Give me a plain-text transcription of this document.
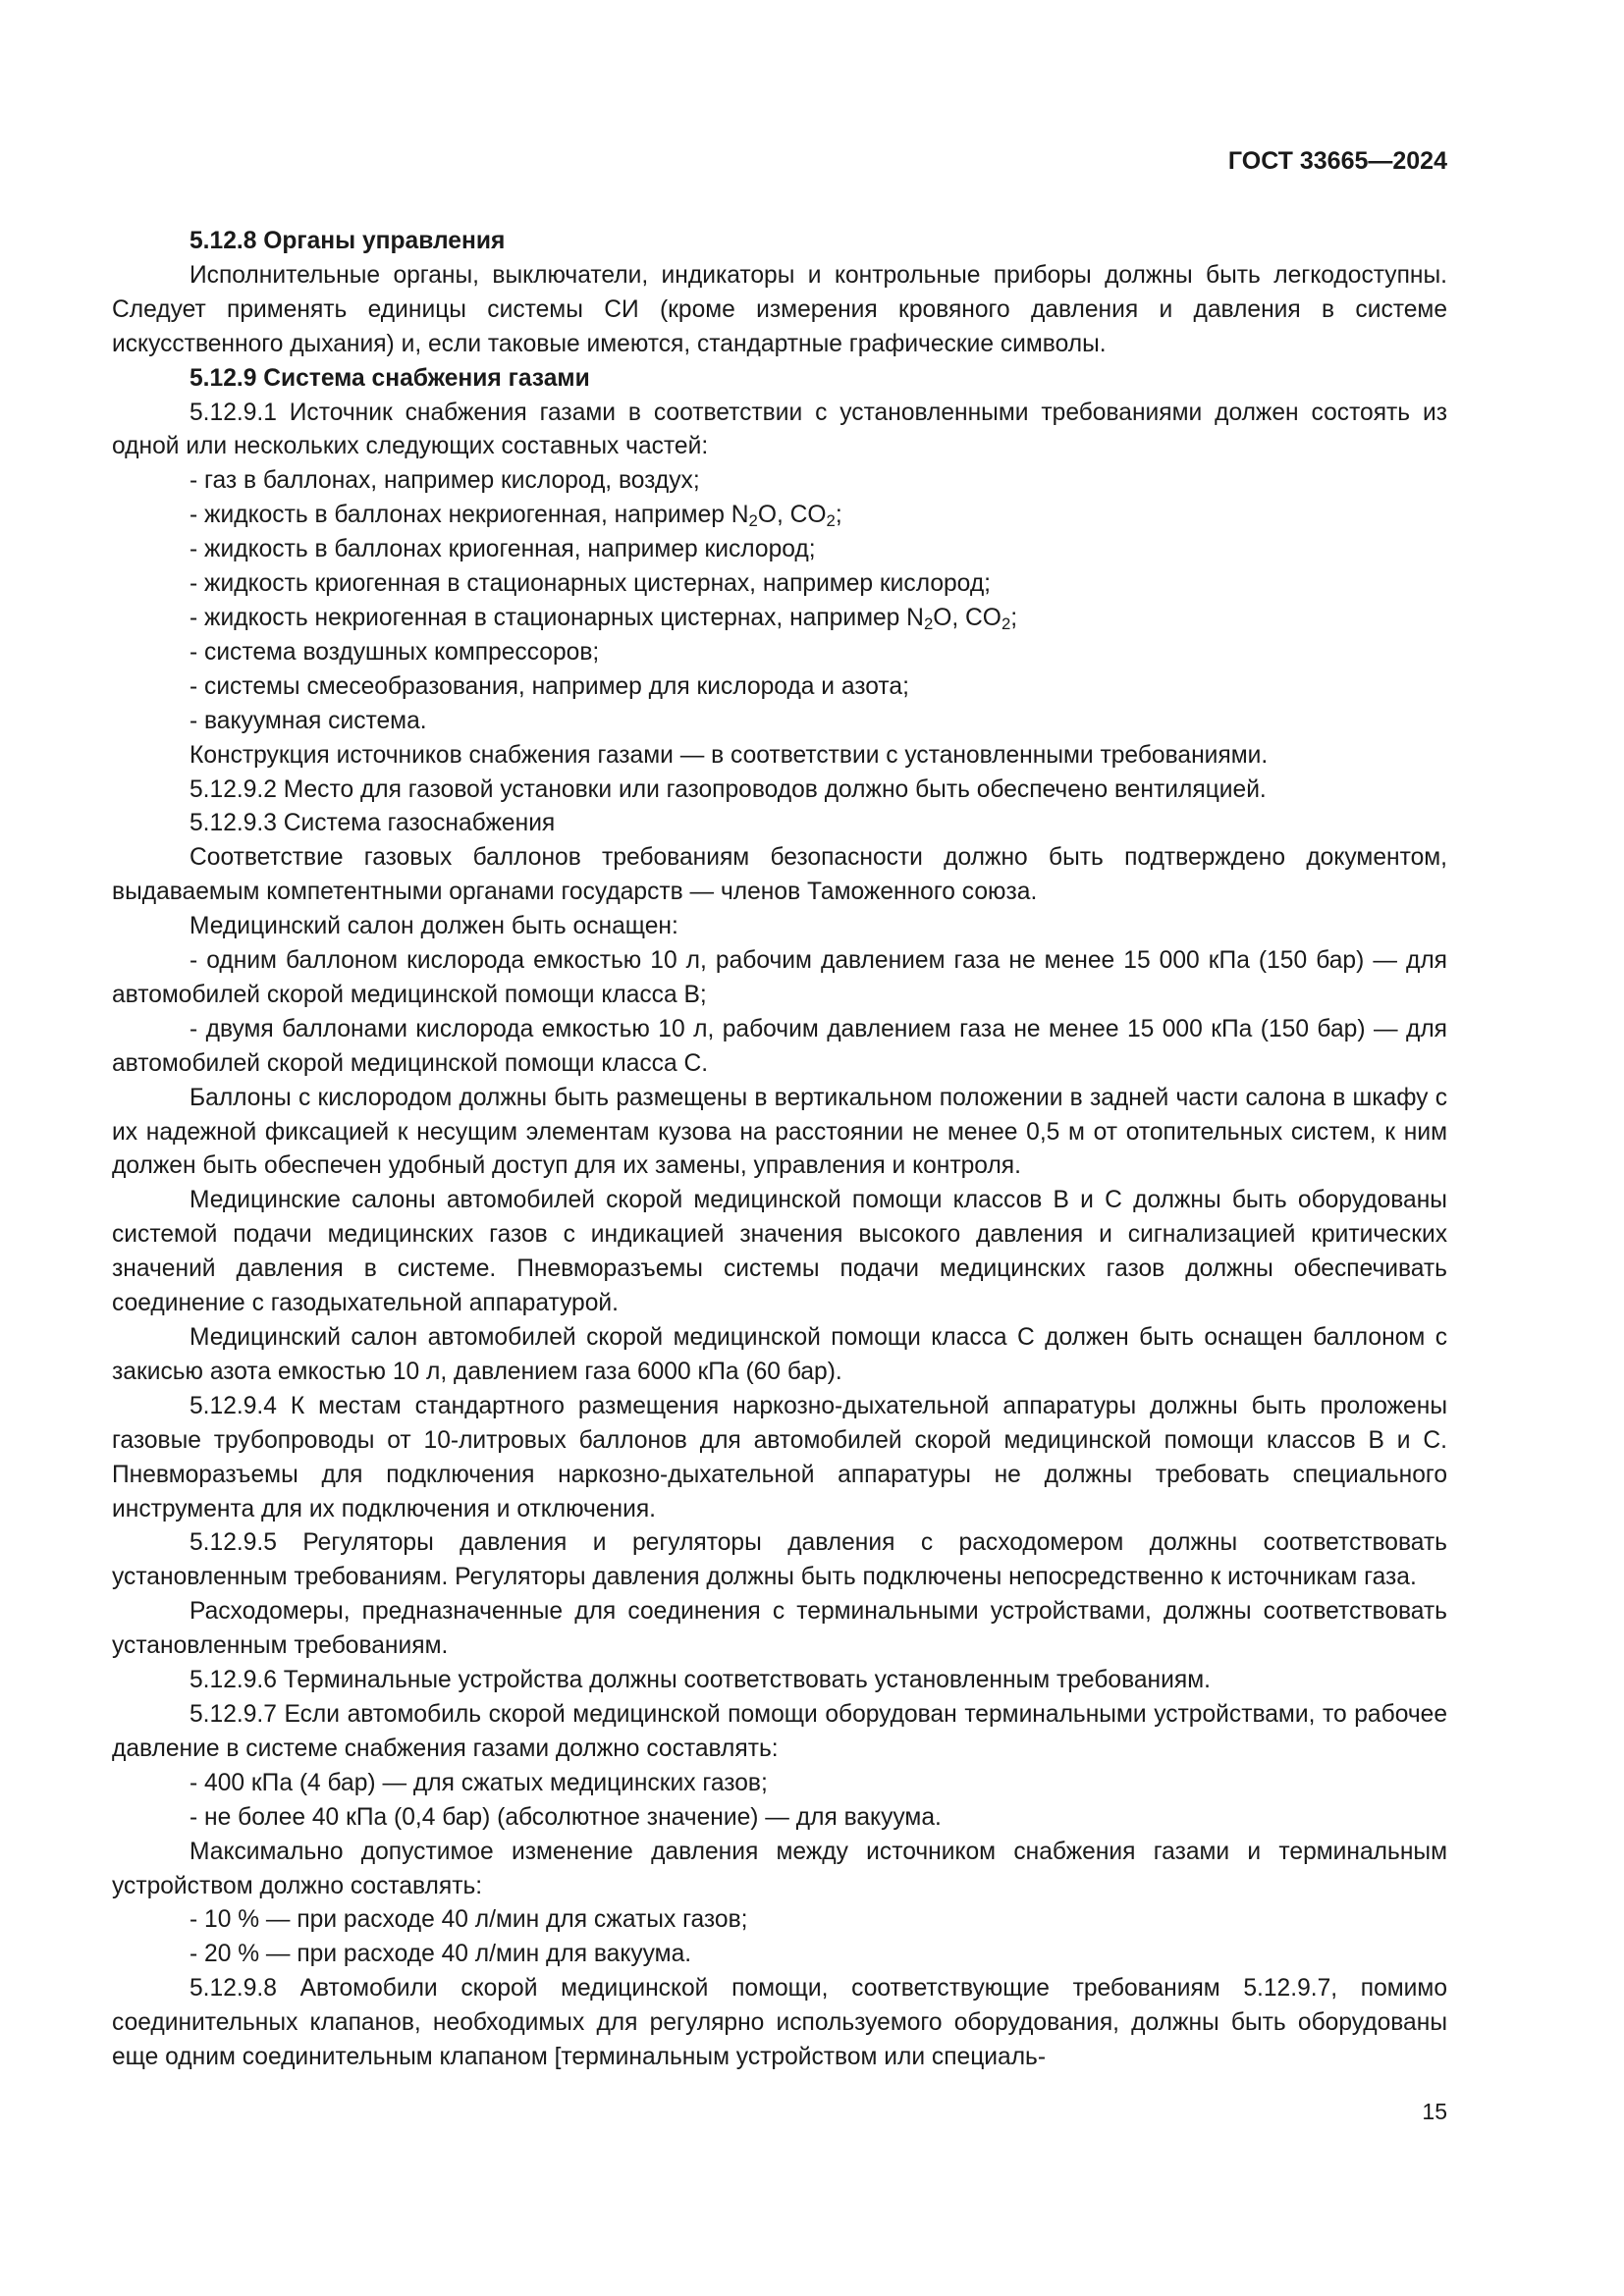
ГОСТ 33665—2024

5.12.8 Органы управления

Исполнительные органы, выключатели, индикаторы и контрольные приборы должны быть легкодоступны. Следует применять единицы системы СИ (кроме измерения кровяного давления и давления в системе искусственного дыхания) и, если таковые имеются, стандартные графические символы.

5.12.9 Система снабжения газами

5.12.9.1 Источник снабжения газами в соответствии с установленными требованиями должен состоять из одной или нескольких следующих составных частей:

- газ в баллонах, например кислород, воздух;

- жидкость в баллонах некриогенная, например $N_2O$, $CO_2$;

- жидкость в баллонах криогенная, например кислород;

- жидкость криогенная в стационарных цистернах, например кислород;

- жидкость некриогенная в стационарных цистернах, например $N_2O$, $CO_2$;

- система воздушных компрессоров;

- системы смесеобразования, например для кислорода и азота;

- вакуумная система.

Конструкция источников снабжения газами — в соответствии с установленными требованиями.

5.12.9.2 Место для газовой установки или газопроводов должно быть обеспечено вентиляцией.

5.12.9.3 Система газоснабжения

Соответствие газовых баллонов требованиям безопасности должно быть подтверждено документом, выдаваемым компетентными органами государств — членов Таможенного союза.

Медицинский салон должен быть оснащен:

- одним баллоном кислорода емкостью 10 л, рабочим давлением газа не менее 15 000 кПа (150 бар) — для автомобилей скорой медицинской помощи класса В;

- двумя баллонами кислорода емкостью 10 л, рабочим давлением газа не менее 15 000 кПа (150 бар) — для автомобилей скорой медицинской помощи класса С.

Баллоны с кислородом должны быть размещены в вертикальном положении в задней части салона в шкафу с их надежной фиксацией к несущим элементам кузова на расстоянии не менее 0,5 м от отопительных систем, к ним должен быть обеспечен удобный доступ для их замены, управления и контроля.

Медицинские салоны автомобилей скорой медицинской помощи классов В и С должны быть оборудованы системой подачи медицинских газов с индикацией значения высокого давления и сигнализацией критических значений давления в системе. Пневморазъемы системы подачи медицинских газов должны обеспечивать соединение с газодыхательной аппаратурой.

Медицинский салон автомобилей скорой медицинской помощи класса С должен быть оснащен баллоном с закисью азота емкостью 10 л, давлением газа 6000 кПа (60 бар).

5.12.9.4 К местам стандартного размещения наркозно-дыхательной аппаратуры должны быть проложены газовые трубопроводы от 10-литровых баллонов для автомобилей скорой медицинской помощи классов В и С. Пневморазъемы для подключения наркозно-дыхательной аппаратуры не должны требовать специального инструмента для их подключения и отключения.

5.12.9.5 Регуляторы давления и регуляторы давления с расходомером должны соответствовать установленным требованиям. Регуляторы давления должны быть подключены непосредственно к источникам газа.

Расходомеры, предназначенные для соединения с терминальными устройствами, должны соответствовать установленным требованиям.

5.12.9.6 Терминальные устройства должны соответствовать установленным требованиям.

5.12.9.7 Если автомобиль скорой медицинской помощи оборудован терминальными устройствами, то рабочее давление в системе снабжения газами должно составлять:

- 400 кПа (4 бар) — для сжатых медицинских газов;

- не более 40 кПа (0,4 бар) (абсолютное значение) — для вакуума.

Максимально допустимое изменение давления между источником снабжения газами и терминальным устройством должно составлять:

- 10 % — при расходе 40 л/мин для сжатых газов;

- 20 % — при расходе 40 л/мин для вакуума.

5.12.9.8 Автомобили скорой медицинской помощи, соответствующие требованиям 5.12.9.7, помимо соединительных клапанов, необходимых для регулярно используемого оборудования, должны быть оборудованы еще одним соединительным клапаном [терминальным устройством или специаль-

15
